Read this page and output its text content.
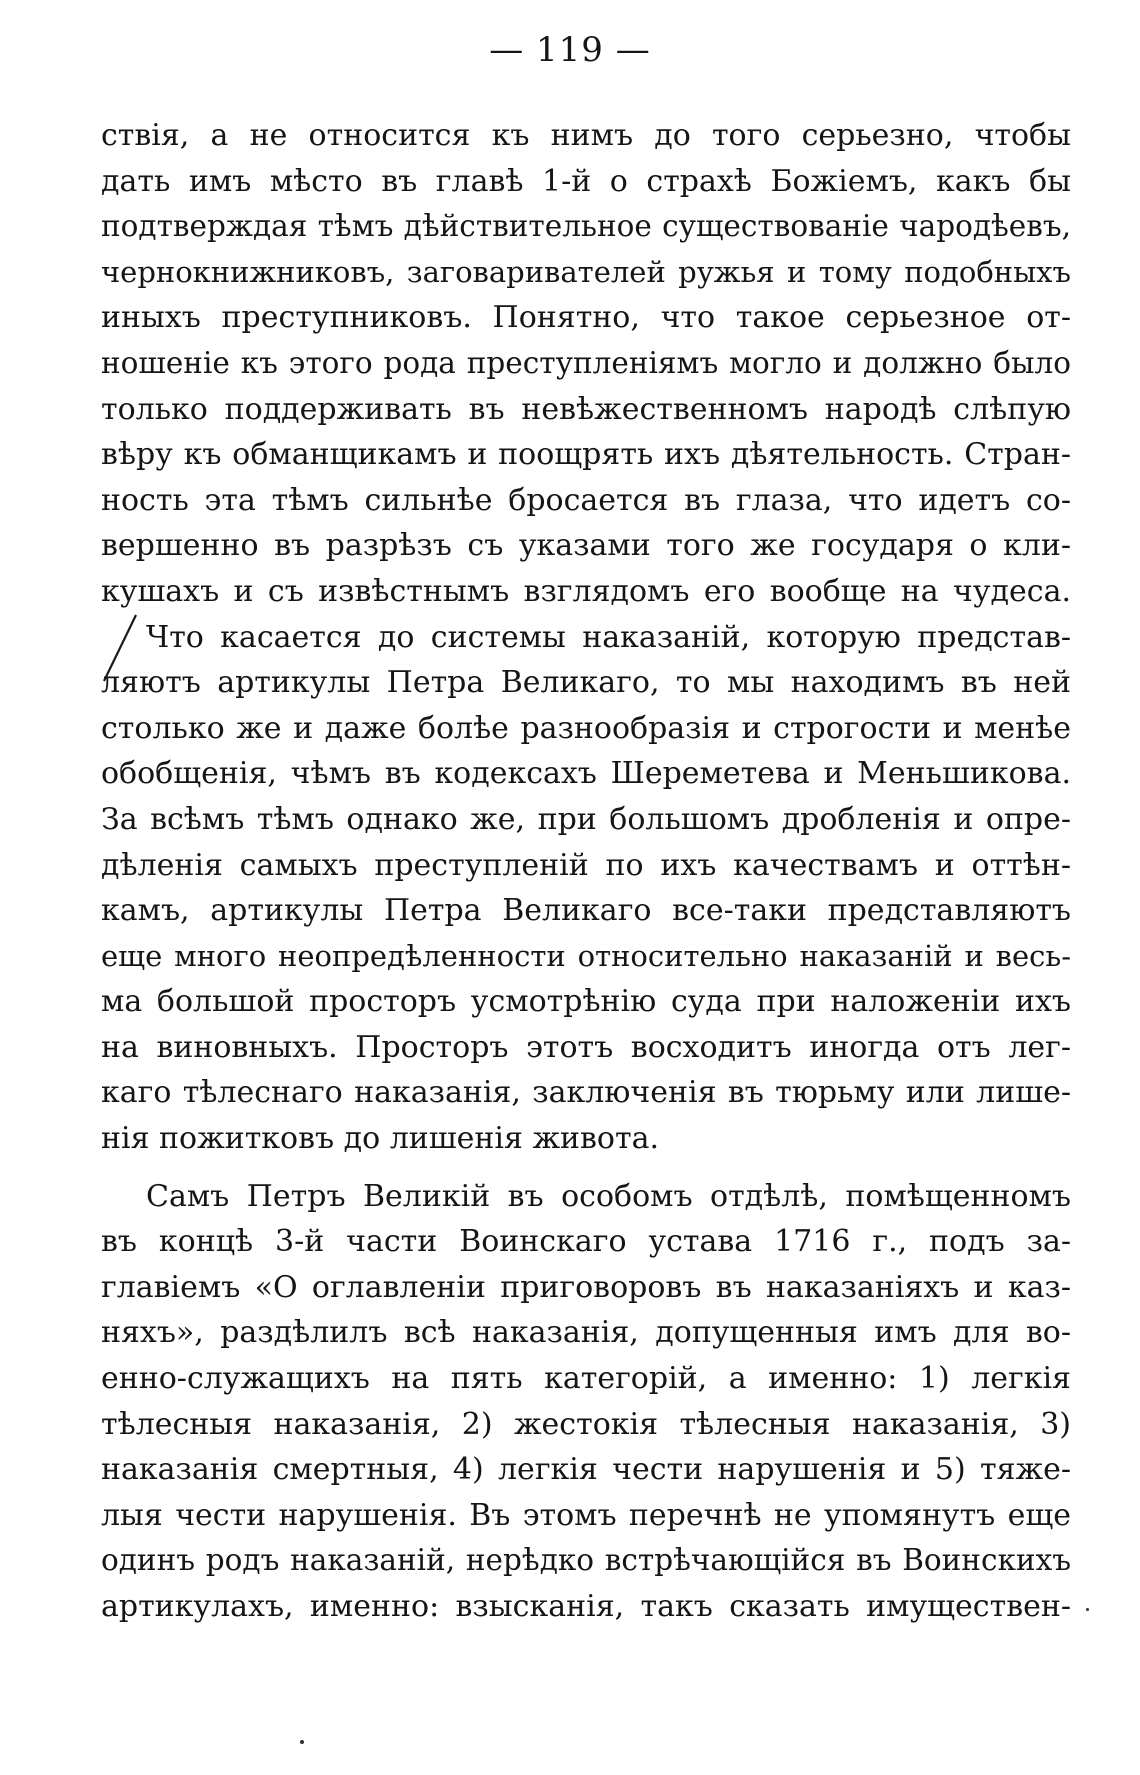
— 119 —
ствія, а не относится къ нимъ до того серьезно, чтобы
дать имъ мѣсто въ главѣ 1-й о страхѣ Божіемъ, какъ бы
подтверждая тѣмъ дѣйствительное существованіе чародѣевъ,
чернокнижниковъ, заговаривателей ружья и тому подобныхъ
иныхъ преступниковъ. Понятно, что такое серьезное от-
ношеніе къ этого рода преступленіямъ могло и должно было
только поддерживать въ невѣжественномъ народѣ слѣпую
вѣру къ обманщикамъ и поощрять ихъ дѣятельность. Стран-
ность эта тѣмъ сильнѣе бросается въ глаза, что идетъ со-
вершенно въ разрѣзъ съ указами того же государя о кли-
кушахъ и съ извѣстнымъ взглядомъ его вообще на чудеса.
Что касается до системы наказаній, которую представ-
ляютъ артикулы Петра Великаго, то мы находимъ въ ней
столько же и даже болѣе разнообразія и строгости и менѣе
обобщенія, чѣмъ въ кодексахъ Шереметева и Меньшикова.
За всѣмъ тѣмъ однако же, при большомъ дробленія и опре-
дѣленія самыхъ преступленій по ихъ качествамъ и оттѣн-
камъ, артикулы Петра Великаго все-таки представляютъ
еще много неопредѣленности относительно наказаній и весь-
ма большой просторъ усмотрѣнію суда при наложеніи ихъ
на виновныхъ. Просторъ этотъ восходитъ иногда отъ лег-
каго тѣлеснаго наказанія, заключенія въ тюрьму или лише-
нія пожитковъ до лишенія живота.
Самъ Петръ Великій въ особомъ отдѣлѣ, помѣщенномъ
въ концѣ 3-й части Воинскаго устава 1716 г., подъ за-
главіемъ «О оглавленіи приговоровъ въ наказаніяхъ и каз-
няхъ», раздѣлилъ всѣ наказанія, допущенныя имъ для во-
енно-служащихъ на пять категорій, а именно: 1) легкія
тѣлесныя наказанія, 2) жестокія тѣлесныя наказанія, 3)
наказанія смертныя, 4) легкія чести нарушенія и 5) тяже-
лыя чести нарушенія. Въ этомъ перечнѣ не упомянутъ еще
одинъ родъ наказаній, нерѣдко встрѣчающійся въ Воинскихъ
артикулахъ, именно: взысканія, такъ сказать имуществен-
